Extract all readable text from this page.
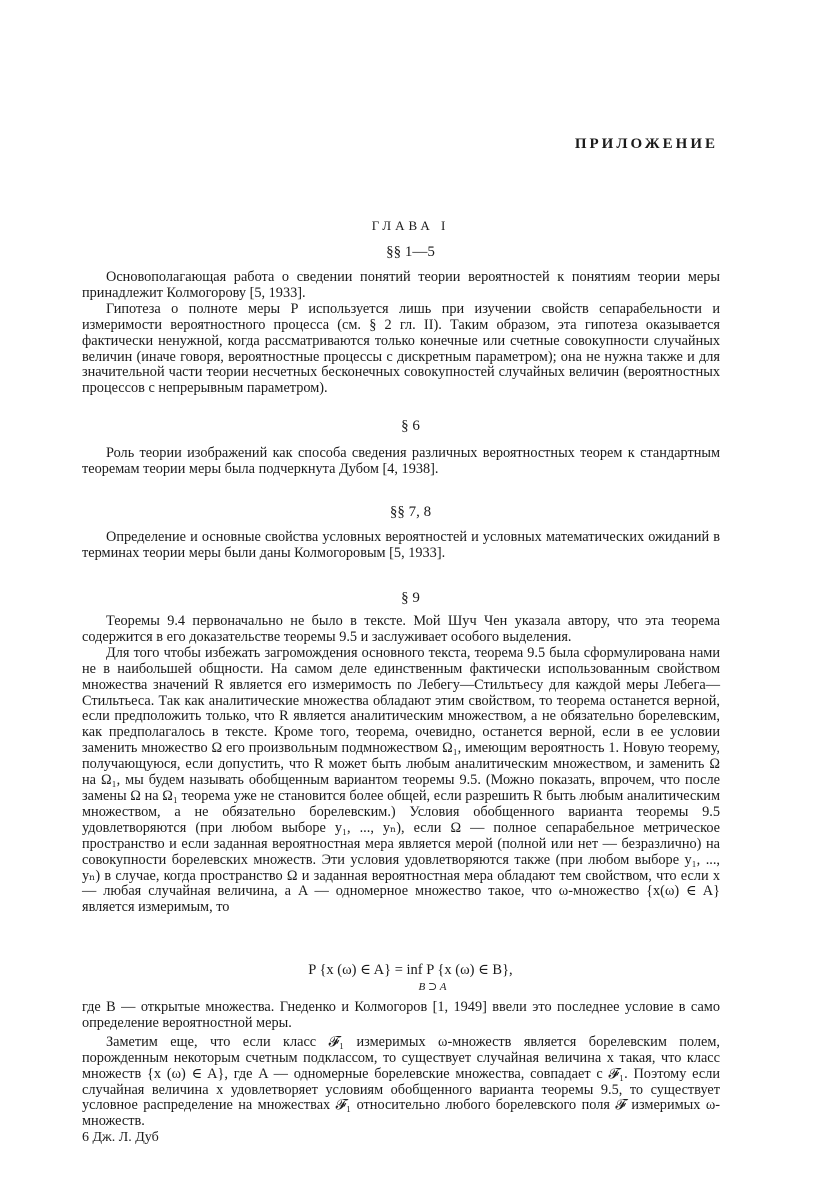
ПРИЛОЖЕНИЕ
ГЛАВА I
§§ 1—5

Основополагающая работа о сведении понятий теории вероятностей к понятиям теории меры принадлежит Колмогорову [5, 1933].

Гипотеза о полноте меры P используется лишь при изучении свойств сепарабельности и измеримости вероятностного процесса (см. § 2 гл. II). Таким образом, эта гипотеза оказывается фактически ненужной, когда рассматриваются только конечные или счетные совокупности случайных величин (иначе говоря, вероятностные процессы с дискретным параметром); она не нужна также и для значительной части теории несчетных бесконечных совокупностей случайных величин (вероятностных процессов с непрерывным параметром).

§ 6

Роль теории изображений как способа сведения различных вероятностных теорем к стандартным теоремам теории меры была подчеркнута Дубом [4, 1938].

§§ 7, 8

Определение и основные свойства условных вероятностей и условных математических ожиданий в терминах теории меры были даны Колмогоровым [5, 1933].

§ 9

Теоремы 9.4 первоначально не было в тексте. Мой Шуч Чен указала автору, что эта теорема содержится в его доказательстве теоремы 9.5 и заслуживает особого выделения.

Для того чтобы избежать загромождения основного текста, теорема 9.5 была сформулирована нами не в наибольшей общности. На самом деле единственным фактически использованным свойством множества значений R является его измеримость по Лебегу—Стильтьесу для каждой меры Лебега—Стильтьеса. Так как аналитические множества обладают этим свойством, то теорема останется верной, если предположить только, что R является аналитическим множеством, а не обязательно борелевским, как предполагалось в тексте. Кроме того, теорема, очевидно, останется верной, если в ее условии заменить множество Ω его произвольным подмножеством Ω₁, имеющим вероятность 1. Новую теорему, получающуюся, если допустить, что R может быть любым аналитическим множеством, и заменить Ω на Ω₁, мы будем называть обобщенным вариантом теоремы 9.5. (Можно показать, впрочем, что после замены Ω на Ω₁ теорема уже не становится более общей, если разрешить R быть любым аналитическим множеством, а не обязательно борелевским.) Условия обобщенного варианта теоремы 9.5 удовлетворяются (при любом выборе y₁, ..., yₙ), если Ω — полное сепарабельное метрическое пространство и если заданная вероятностная мера является мерой (полной или нет — безразлично) на совокупности борелевских множеств. Эти условия удовлетворяются также (при любом выборе y₁, ..., yₙ) в случае, когда пространство Ω и заданная вероятностная мера обладают тем свойством, что если x — любая случайная величина, а A — одномерное множество такое, что ω-множество {x(ω) ∈ A} является измеримым, то

P {x (ω) ∈ A} = inf P {x (ω) ∈ B},
B ⊃ A

где B — открытые множества. Гнеденко и Колмогоров [1, 1949] ввели это последнее условие в само определение вероятностной меры.

Заметим еще, что если класс 𝓕₁ измеримых ω-множеств является борелевским полем, порожденным некоторым счетным подклассом, то существует случайная величина x такая, что класс множеств {x (ω) ∈ A}, где A — одномерные борелевские множества, совпадает с 𝓕₁. Поэтому если случайная величина x удовлетворяет условиям обобщенного варианта теоремы 9.5, то существует условное распределение на множествах 𝓕₁ относительно любого борелевского поля 𝓕 измеримых ω-множеств.

6 Дж. Л. Дуб
